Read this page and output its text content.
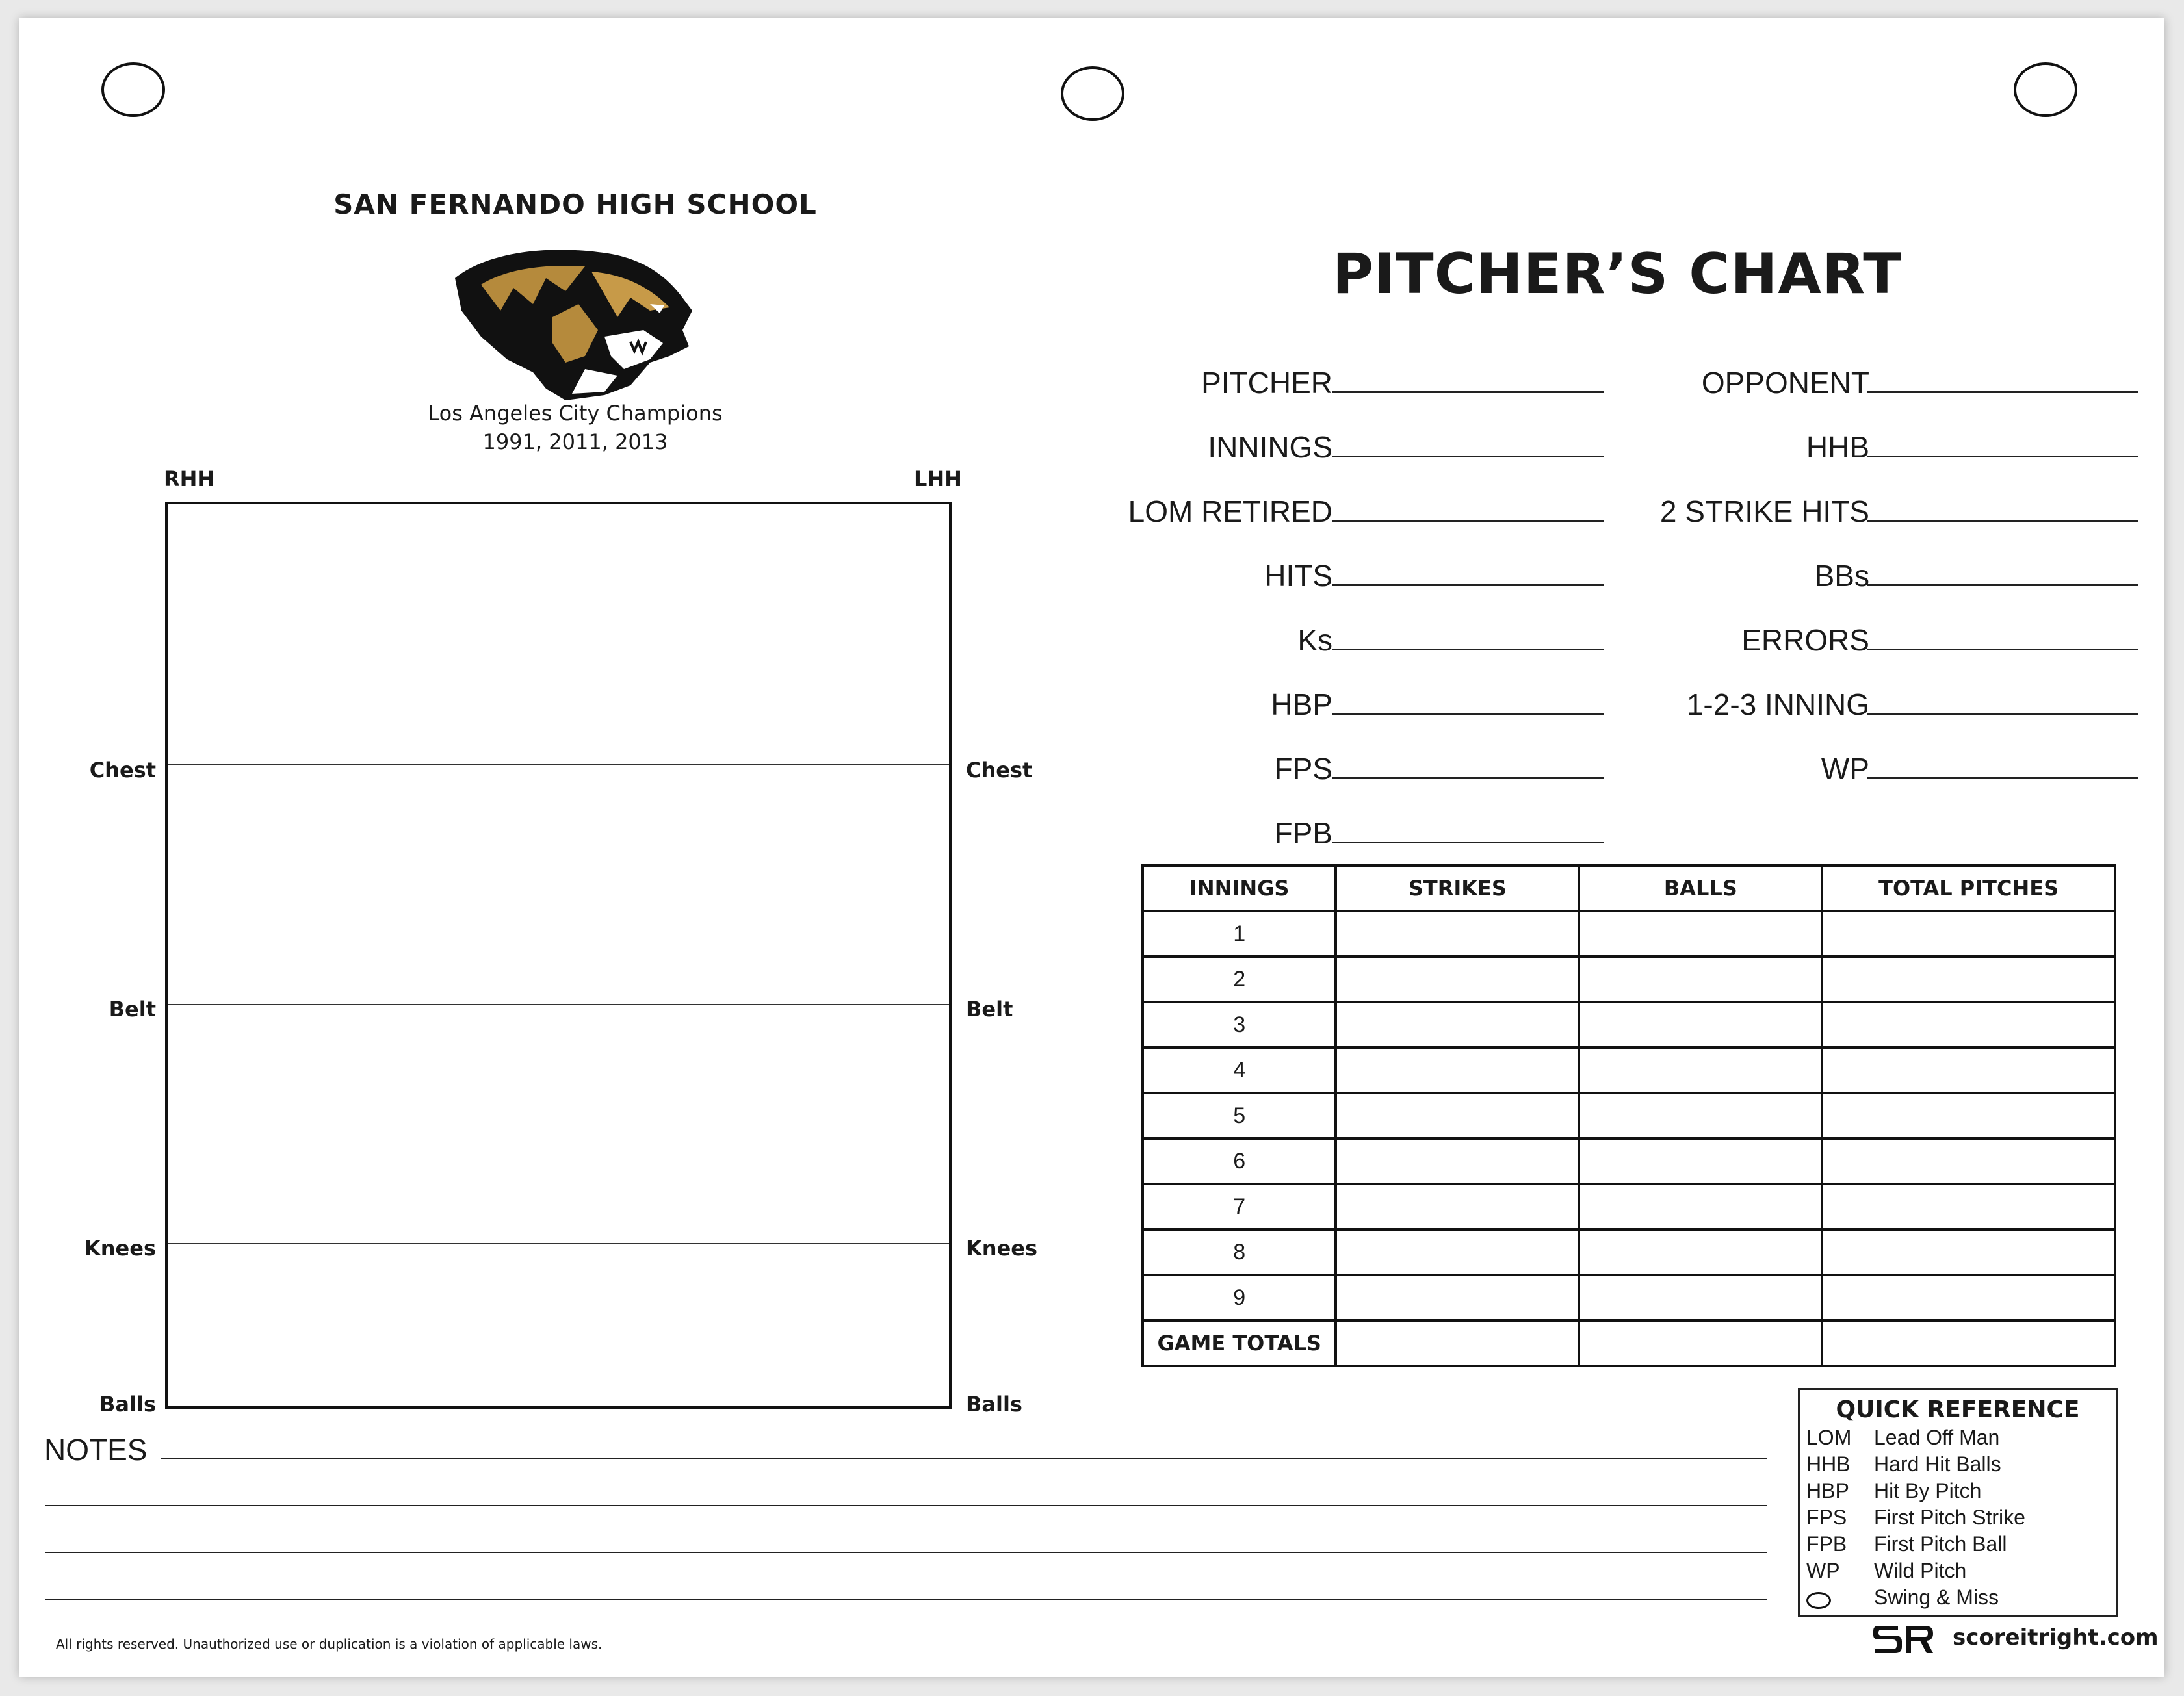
SAN FERNANDO HIGH SCHOOL
Los Angeles City Champions
1991, 2011, 2013
RHH	LHH
Chest	Chest
Belt	Belt
Knees	Knees
Balls	Balls
PITCHER’S CHART
PITCHER
INNINGS
LOM RETIRED
HITS
Ks
HBP
FPS
FPB
OPPONENT
HHB
2 STRIKE HITS
BBs
ERRORS
1-2-3 INNING
WP
INNINGS	STRIKES	BALLS	TOTAL PITCHES
1			
2			
3			
4			
5			
6			
7			
8			
9			
GAME TOTALS			
QUICK REFERENCE
LOM Lead Off Man
HHB Hard Hit Balls
HBP Hit By Pitch
FPS First Pitch Strike
FPB First Pitch Ball
WP Wild Pitch
Swing & Miss
NOTES
All rights reserved. Unauthorized use or duplication is a violation of applicable laws.	scoreitright.com
